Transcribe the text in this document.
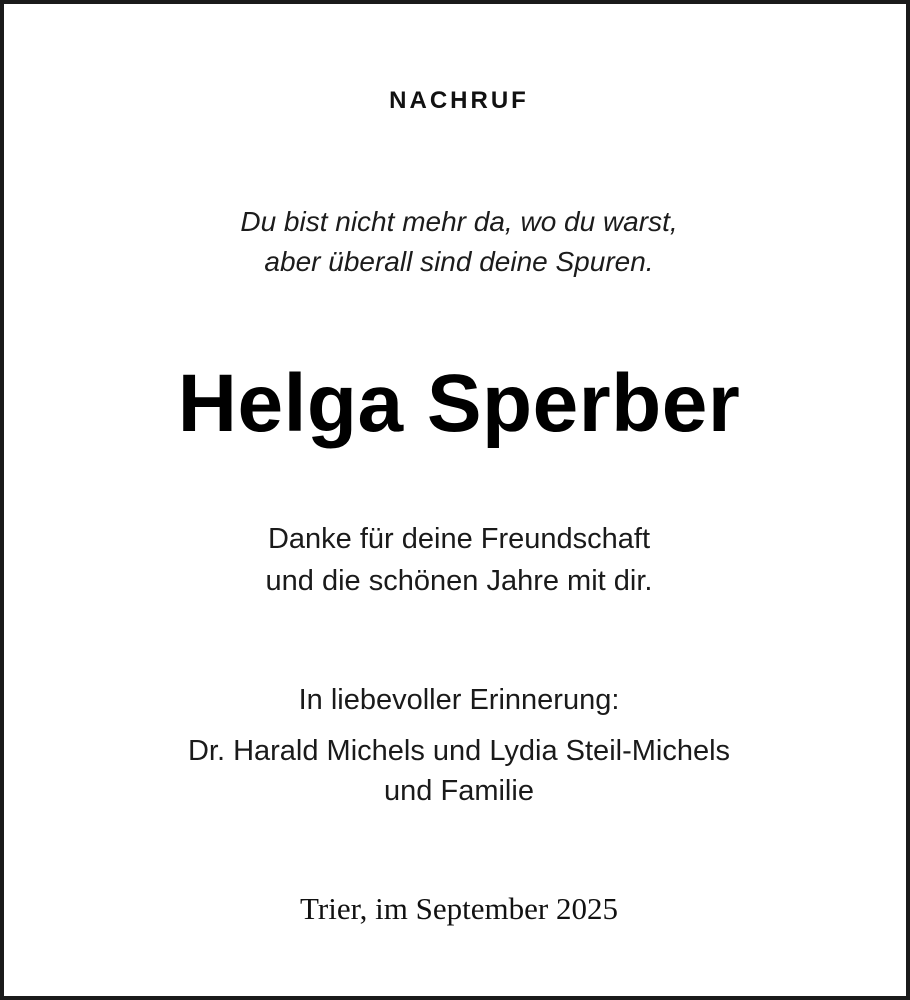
NACHRUF
Du bist nicht mehr da, wo du warst,
aber überall sind deine Spuren.
Helga Sperber
Danke für deine Freundschaft
und die schönen Jahre mit dir.
In liebevoller Erinnerung:
Dr. Harald Michels und Lydia Steil-Michels
und Familie
Trier, im September 2025
